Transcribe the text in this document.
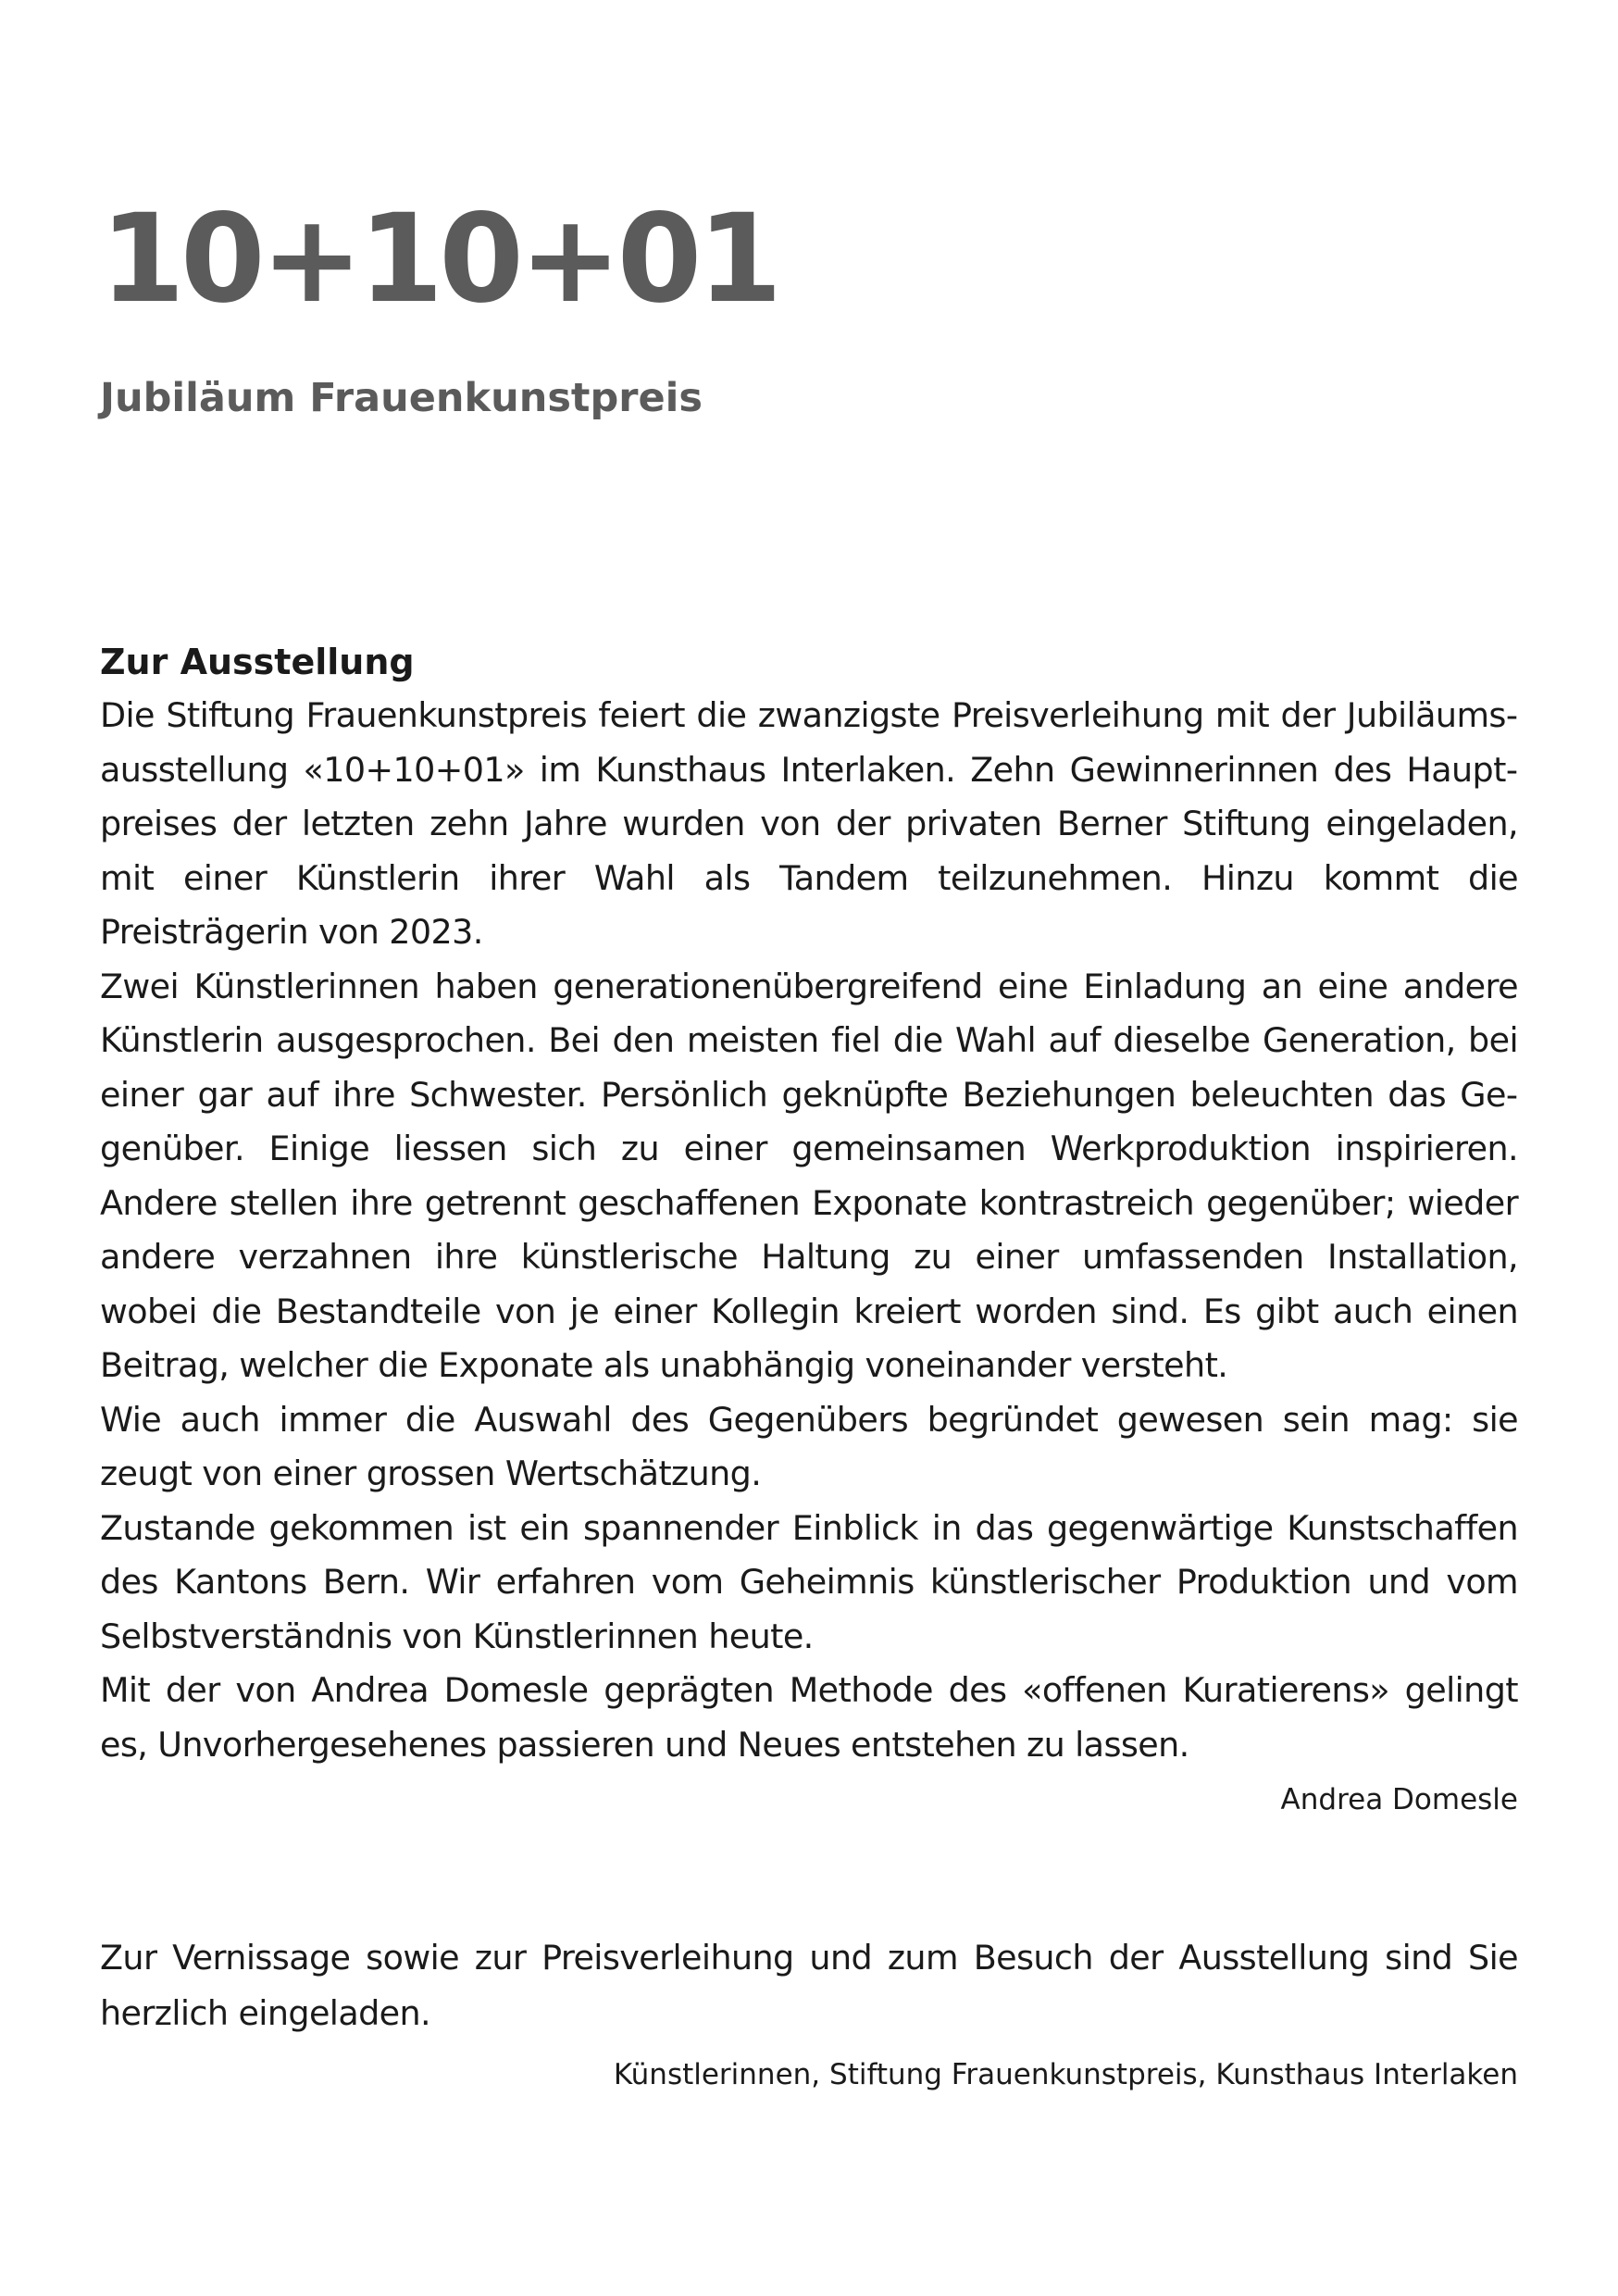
10+10+01
Jubiläum Frauenkunstpreis
Zur Ausstellung

Die Stiftung Frauenkunstpreis feiert die zwanzigste Preisverleihung mit der Jubiläumsausstellung «10+10+01» im Kunsthaus Interlaken. Zehn Gewinnerinnen des Hauptpreises der letzten zehn Jahre wurden von der privaten Berner Stiftung eingeladen, mit einer Künstlerin ihrer Wahl als Tandem teilzunehmen. Hinzu kommt die Preisträgerin von 2023.

Zwei Künstlerinnen haben generationenübergreifend eine Einladung an eine andere Künstlerin ausgesprochen. Bei den meisten fiel die Wahl auf dieselbe Generation, bei einer gar auf ihre Schwester. Persönlich geknüpfte Beziehungen beleuchten das Gegenüber. Einige liessen sich zu einer gemeinsamen Werkproduktion inspirieren. Andere stellen ihre getrennt geschaffenen Exponate kontrastreich gegenüber; wieder andere verzahnen ihre künstlerische Haltung zu einer umfassenden Installation, wobei die Bestandteile von je einer Kollegin kreiert worden sind. Es gibt auch einen Beitrag, welcher die Exponate als unabhängig voneinander versteht.

Wie auch immer die Auswahl des Gegenübers begründet gewesen sein mag: sie zeugt von einer grossen Wertschätzung.

Zustande gekommen ist ein spannender Einblick in das gegenwärtige Kunstschaffen des Kantons Bern. Wir erfahren vom Geheimnis künstlerischer Produktion und vom Selbstverständnis von Künstlerinnen heute.

Mit der von Andrea Domesle geprägten Methode des «offenen Kuratierens» gelingt es, Unvorhergesehenes passieren und Neues entstehen zu lassen.

Andrea Domesle

Zur Vernissage sowie zur Preisverleihung und zum Besuch der Ausstellung sind Sie herzlich eingeladen.

Künstlerinnen, Stiftung Frauenkunstpreis, Kunsthaus Interlaken
